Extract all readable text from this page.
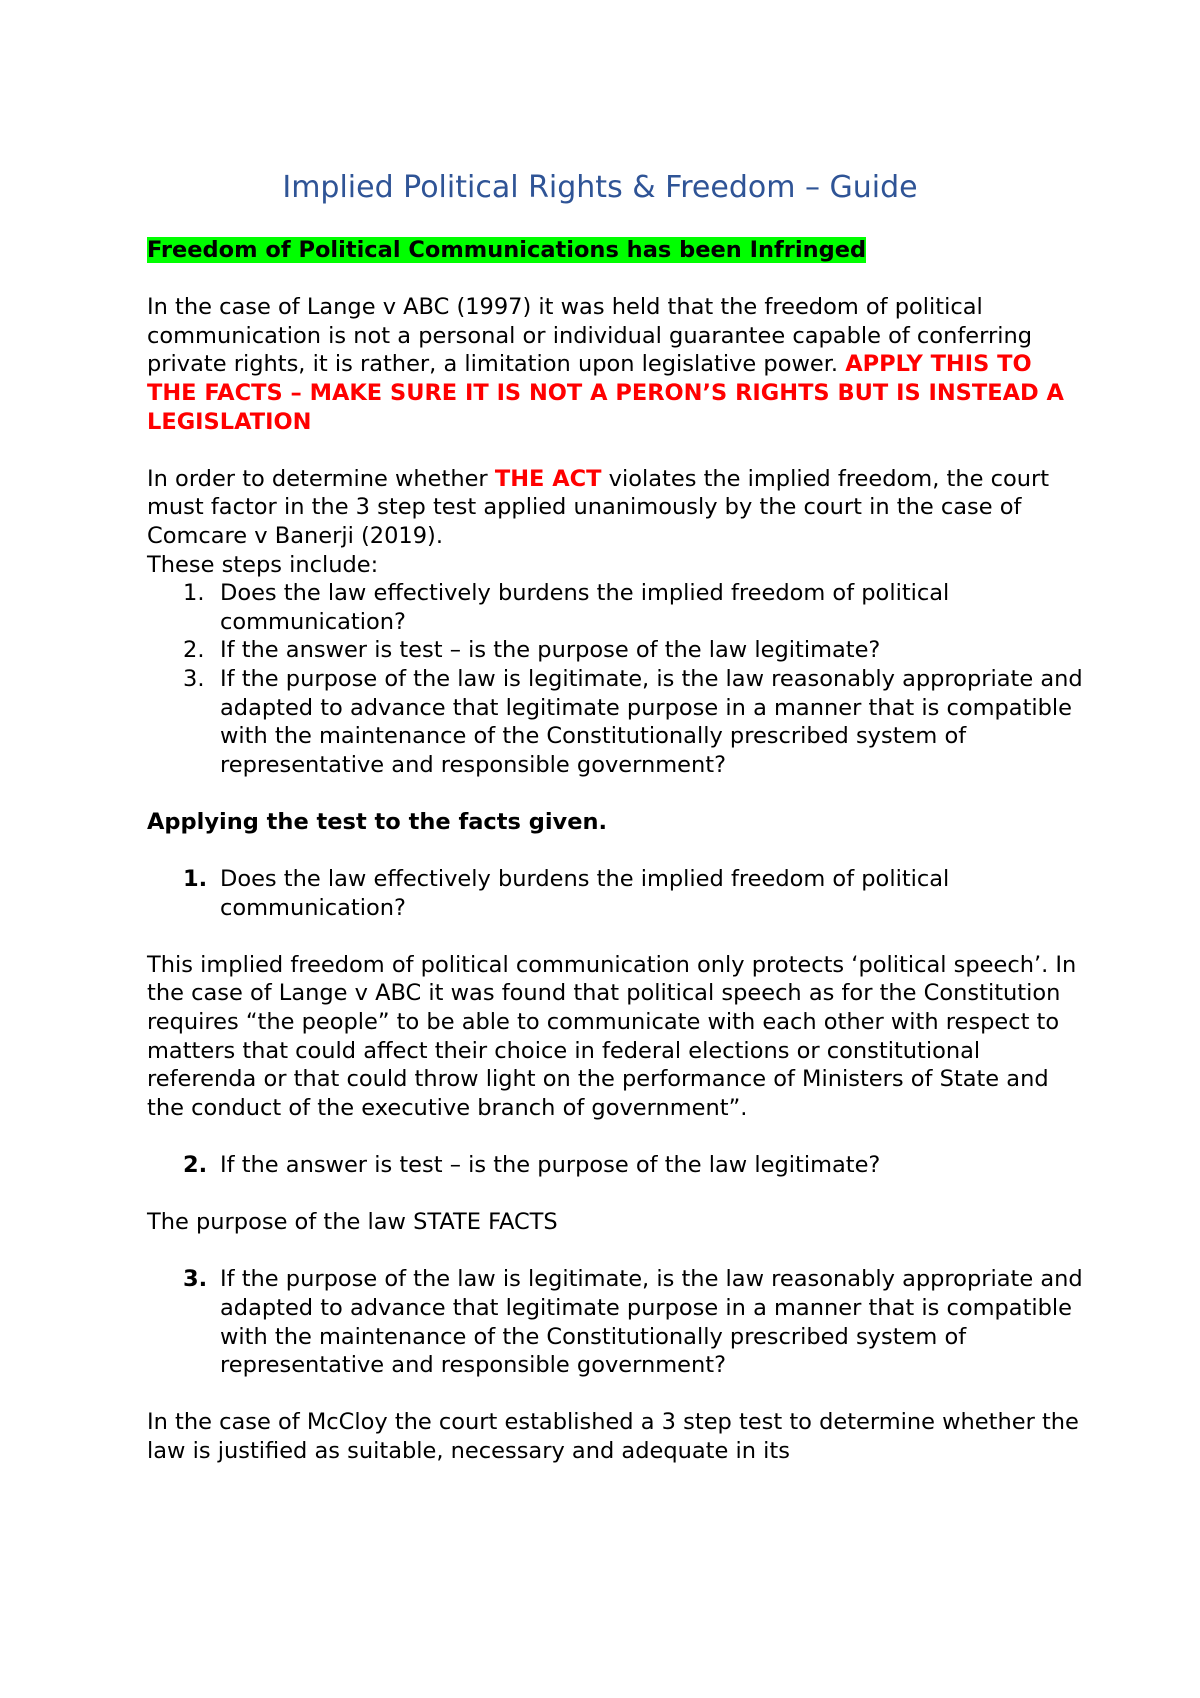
Implied Political Rights & Freedom – Guide

Freedom of Political Communications has been Infringed

In the case of Lange v ABC (1997) it was held that the freedom of political communication is not a personal or individual guarantee capable of conferring private rights, it is rather, a limitation upon legislative power. APPLY THIS TO THE FACTS – MAKE SURE IT IS NOT A PERON’S RIGHTS BUT IS INSTEAD A LEGISLATION

In order to determine whether THE ACT violates the implied freedom, the court must factor in the 3 step test applied unanimously by the court in the case of Comcare v Banerji (2019).

These steps include:

1. Does the law effectively burdens the implied freedom of political communication?
2. If the answer is test – is the purpose of the law legitimate?
3. If the purpose of the law is legitimate, is the law reasonably appropriate and adapted to advance that legitimate purpose in a manner that is compatible with the maintenance of the Constitutionally prescribed system of representative and responsible government?

Applying the test to the facts given.

1. Does the law effectively burdens the implied freedom of political communication?

This implied freedom of political communication only protects ‘political speech’. In the case of Lange v ABC it was found that political speech as for the Constitution requires “the people” to be able to communicate with each other with respect to matters that could affect their choice in federal elections or constitutional referenda or that could throw light on the performance of Ministers of State and the conduct of the executive branch of government”.

2. If the answer is test – is the purpose of the law legitimate?

The purpose of the law STATE FACTS

3. If the purpose of the law is legitimate, is the law reasonably appropriate and adapted to advance that legitimate purpose in a manner that is compatible with the maintenance of the Constitutionally prescribed system of representative and responsible government?

In the case of McCloy the court established a 3 step test to determine whether the law is justified as suitable, necessary and adequate in its
